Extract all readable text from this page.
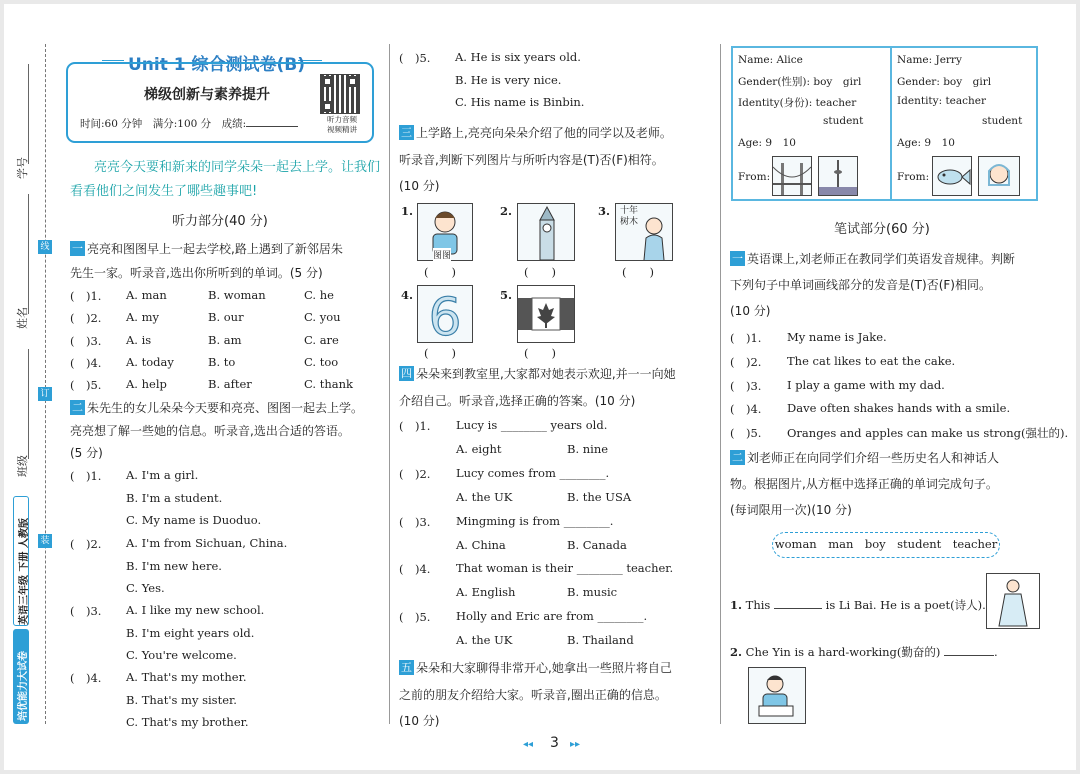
学号
姓名
班级
线
订
装
英语三年级 下册 人教版
培优能力大试卷
Unit 1 综合测试卷(B)
梯级创新与素养提升
时间:60 分钟　满分:100 分　成绩:	听力音频
视频精讲
亮亮今天要和新来的同学朵朵一起去上学。让我们
看看他们之间发生了哪些趣事吧!
听力部分(40 分)
一 亮亮和图图早上一起去学校,路上遇到了新邻居朱
先生一家。听录音,选出你所听到的单词。(5 分)
二 朱先生的女儿朵朵今天要和亮亮、图图一起去上学。
亮亮想了解一些她的信息。听录音,选出合适的答语。
(5 分)
三 上学路上,亮亮向朵朵介绍了他的同学以及老师。
听录音,判断下列图片与所听内容是(T)否(F)相符。
(10 分)
1.
图图
(　　)
2.
(　　)
3. 十年 树木
(　　)
4. 6
(　　)
5.
(　　)
四 朵朵来到教室里,大家都对她表示欢迎,并一一向她
介绍自己。听录音,选择正确的答案。(10 分)
五 朵朵和大家聊得非常开心,她拿出一些照片将自己
之前的朋友介绍给大家。听录音,圈出正确的信息。
(10 分)
笔试部分(60 分)
一 英语课上,刘老师正在教同学们英语发音规律。判断
下列句子中单词画线部分的发音是(T)否(F)相同。
(10 分)
二 刘老师正在向同学们介绍一些历史名人和神话人
物。根据图片,从方框中选择正确的单词完成句子。
(每词限用一次)(10 分)
woman　man　boy　student　teacher
1. This	is Li Bai. He is a poet(诗人).
2. Che Yin is a hard-working(勤奋的)	.
◂◂ 3 ▸▸
(　)1. A. man	B. woman	C. he
(　)2. A. my	B. our	C. you
(　)3. A. is	B. am	C. are
(　)4. A. today	B. to	C. too
(　)5. A. help	B. after	C. thank
(　)1. A. I'm a girl.
B. I'm a student.
C. My name is Duoduo.
(　)2. A. I'm from Sichuan, China.
B. I'm new here.
C. Yes.
(　)3. A. I like my new school.
B. I'm eight years old.
C. You're welcome.
(　)4. A. That's my mother.
B. That's my sister.
C. That's my brother.
(　)5. A. He is six years old.
B. He is very nice.
C. His name is Binbin.
(　)1. Lucy is ________ years old.
A. eight	B. nine
(　)2. Lucy comes from ________.
A. the UK	B. the USA
(　)3. Mingming is from ________.
A. China	B. Canada
(　)4. That woman is their ________ teacher.
A. English	B. music
(　)5. Holly and Eric are from ________.
A. the UK	B. Thailand
Name: Alice
Gender(性别): boy　girl
Identity(身份): teacher
student
Age: 9　10
From:
Name: Jerry
Gender: boy　girl
Identity: teacher
student
Age: 9　10
From:
(　)1. My name is Jake.
(　)2. The cat likes to eat the cake.
(　)3. I play a game with my dad.
(　)4. Dave often shakes hands with a smile.
(　)5. Oranges and apples can make us strong(强壮的).
